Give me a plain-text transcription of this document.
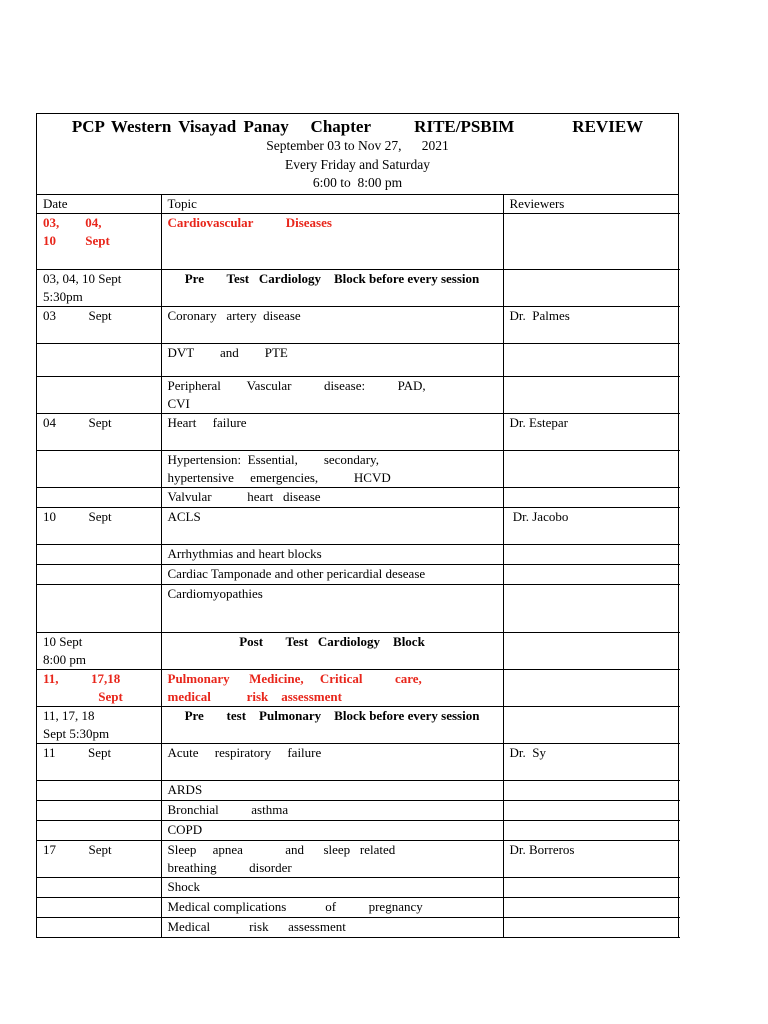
PCP Western Visayad Panay   Chapter      RITE/PSBIM        REVIEW
September 03 to Nov 27,      2021
Every Friday and Saturday
6:00 to  8:00 pm
Date	Topic	Reviewers
03,        04,
10         Sept	Cardiovascular          Diseases	
03, 04, 10 Sept
5:30pm	Pre       Test   Cardiology    Block before every session	
03          Sept	Coronary   artery  disease	Dr.  Palmes
	DVT        and        PTE	
	Peripheral        Vascular          disease:          PAD,
CVI	
04          Sept	Heart     failure	Dr. Estepar
	Hypertension:  Essential,        secondary,
hypertensive     emergencies,           HCVD	
	Valvular           heart   disease	
10          Sept	ACLS	Dr. Jacobo
	Arrhythmias and heart blocks	
	Cardiac Tamponade and other pericardial desease	
	Cardiomyopathies	
10 Sept
8:00 pm	Post       Test   Cardiology    Block	
11,          17,18
Sept	Pulmonary      Medicine,     Critical          care,
medical           risk    assessment	
11, 17, 18
Sept 5:30pm	Pre       test    Pulmonary    Block before every session	
11          Sept	Acute     respiratory     failure	Dr.  Sy
	ARDS	
	Bronchial          asthma	
	COPD	
17          Sept	Sleep     apnea             and      sleep   related
breathing          disorder	Dr. Borreros
	Shock	
	Medical complications            of          pregnancy	
	Medical            risk      assessment	
